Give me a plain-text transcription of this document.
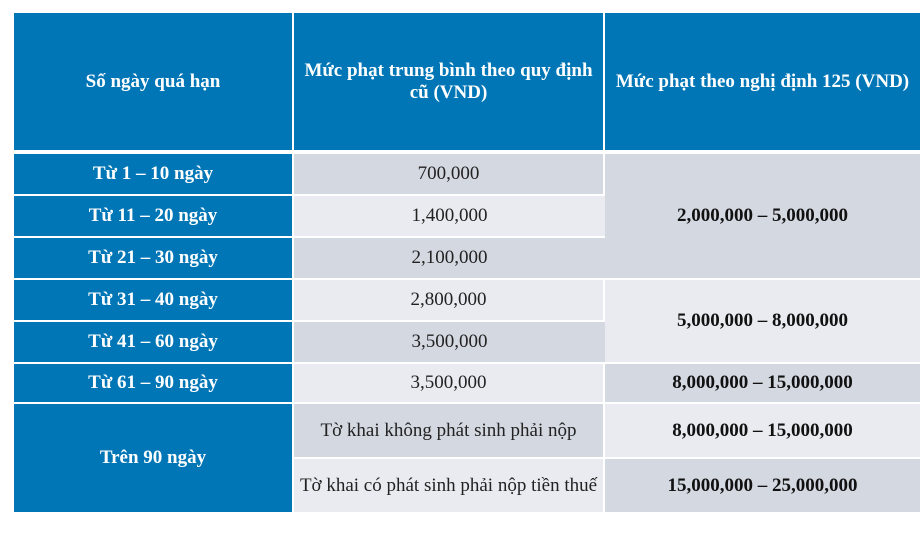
Số ngày quá hạn	Mức phạt trung bình theo quy định cũ (VND)	Mức phạt theo nghị định 125 (VND)
Từ 1 – 10 ngày	700,000	2,000,000 – 5,000,000
Từ 11 – 20 ngày	1,400,000	
Từ 21 – 30 ngày	2,100,000	
Từ 31 – 40 ngày	2,800,000	5,000,000 – 8,000,000
Từ 41 – 60 ngày	3,500,000	
Từ 61 – 90 ngày	3,500,000	8,000,000 – 15,000,000
Trên 90 ngày	Tờ khai không phát sinh phải nộp	8,000,000 – 15,000,000
	Tờ khai có phát sinh phải nộp tiền thuế	15,000,000 – 25,000,000
